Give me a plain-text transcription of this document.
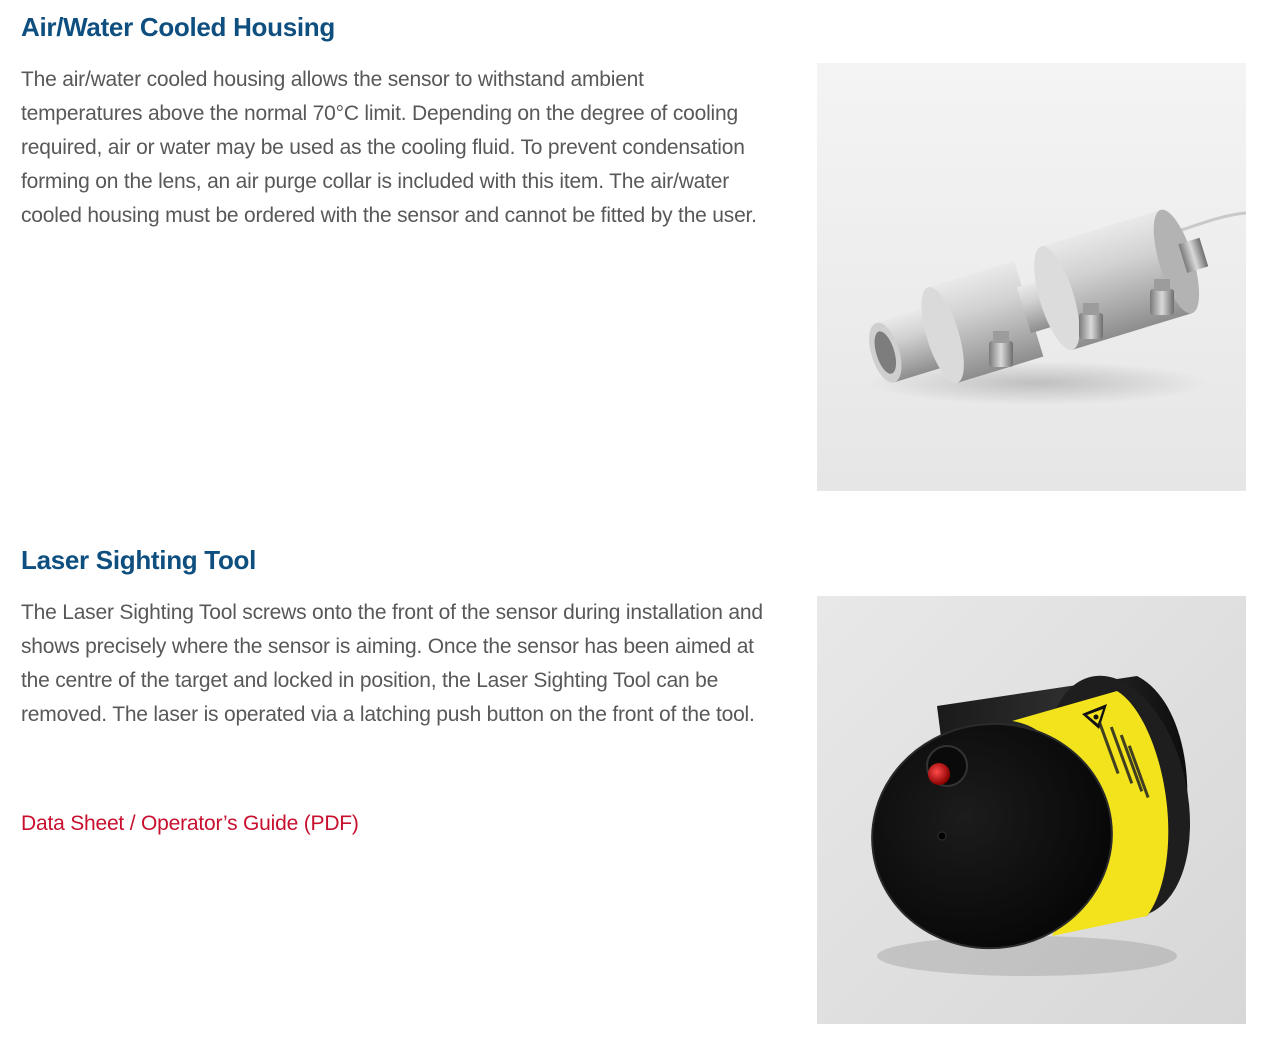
Air/Water Cooled Housing

The air/water cooled housing allows the sensor to withstand ambient temperatures above the normal 70°C limit. Depending on the degree of cooling required, air or water may be used as the cooling fluid. To prevent condensation forming on the lens, an air purge collar is included with this item. The air/water cooled housing must be ordered with the sensor and cannot be fitted by the user.

Laser Sighting Tool

The Laser Sighting Tool screws onto the front of the sensor during installation and shows precisely where the sensor is aiming. Once the sensor has been aimed at the centre of the target and locked in position, the Laser Sighting Tool can be removed. The laser is operated via a latching push button on the front of the tool.

Data Sheet / Operator’s Guide (PDF)
